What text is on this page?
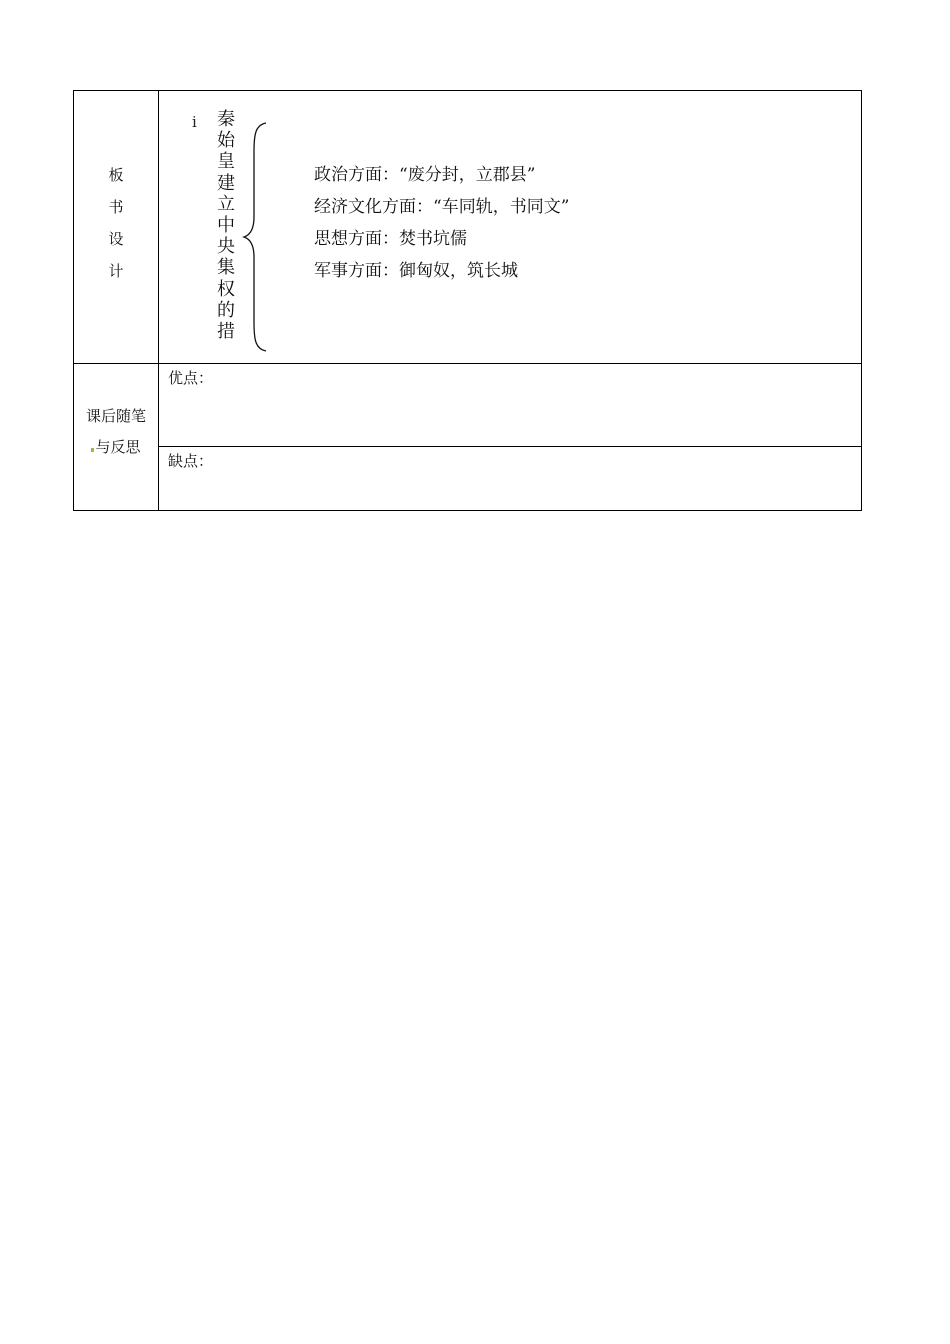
板
书
设
计
i 秦
始
皇
建
立
中
央
集
权
的
措
政治方面：“废分封，立郡县”
经济文化方面：“车同轨，书同文”
思想方面：焚书坑儒
军事方面：御匈奴，筑长城
课后随笔
与反思
优点：
缺点：
